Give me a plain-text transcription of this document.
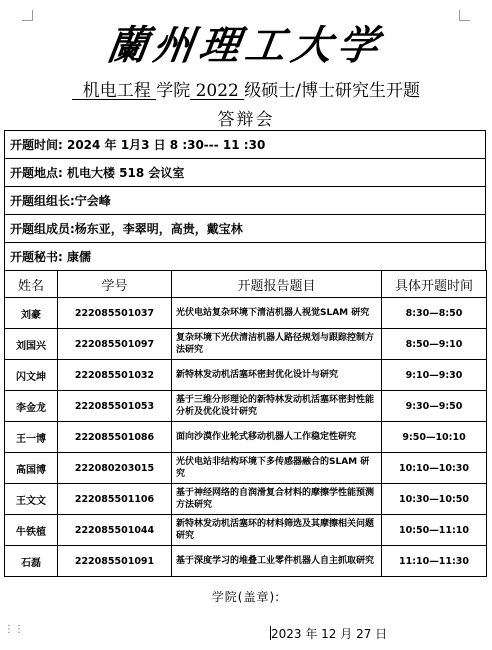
蘭州理工大学
机电工程 学院 2022 级硕士/博士研究生开题
答辩会
开题时间: 2024 年 1月3 日 8 :30--- 11 :30
开题地点: 机电大楼 518 会议室
开题组组长:宁会峰
开题组成员:杨东亚，李翠明，高贵，戴宝林
开题秘书: 康儒
姓名	学号	开题报告题目	具体开题时间
刘豪	222085501037	光伏电站复杂环境下清洁机器人视觉SLAM 研究	8:30—8:50
刘国兴	222085501097	复杂环境下光伏清洁机器人路径规划与跟踪控制方法研究	8:50—9:10
闪文坤	222085501032	新特林发动机活塞环密封优化设计与研究	9:10—9:30
李金龙	222085501053	基于三维分形理论的新特林发动机活塞环密封性能分析及优化设计研究	9:30—9:50
王一博	222085501086	面向沙漠作业轮式移动机器人工作稳定性研究	9:50—10:10
高国博	222080203015	光伏电站非结构环境下多传感器融合的SLAM 研究	10:10—10:30
王文文	222085501106	基于神经网络的自润滑复合材料的摩擦学性能预测方法研究	10:30—10:50
牛铁植	222085501044	新特林发动机活塞环的材料筛选及其摩擦相关问题研究	10:50—11:10
石磊	222085501091	基于深度学习的堆叠工业零件机器人自主抓取研究	11:10—11:30
学院(盖章):
⋮⋮	2023 年 12 月 27 日
